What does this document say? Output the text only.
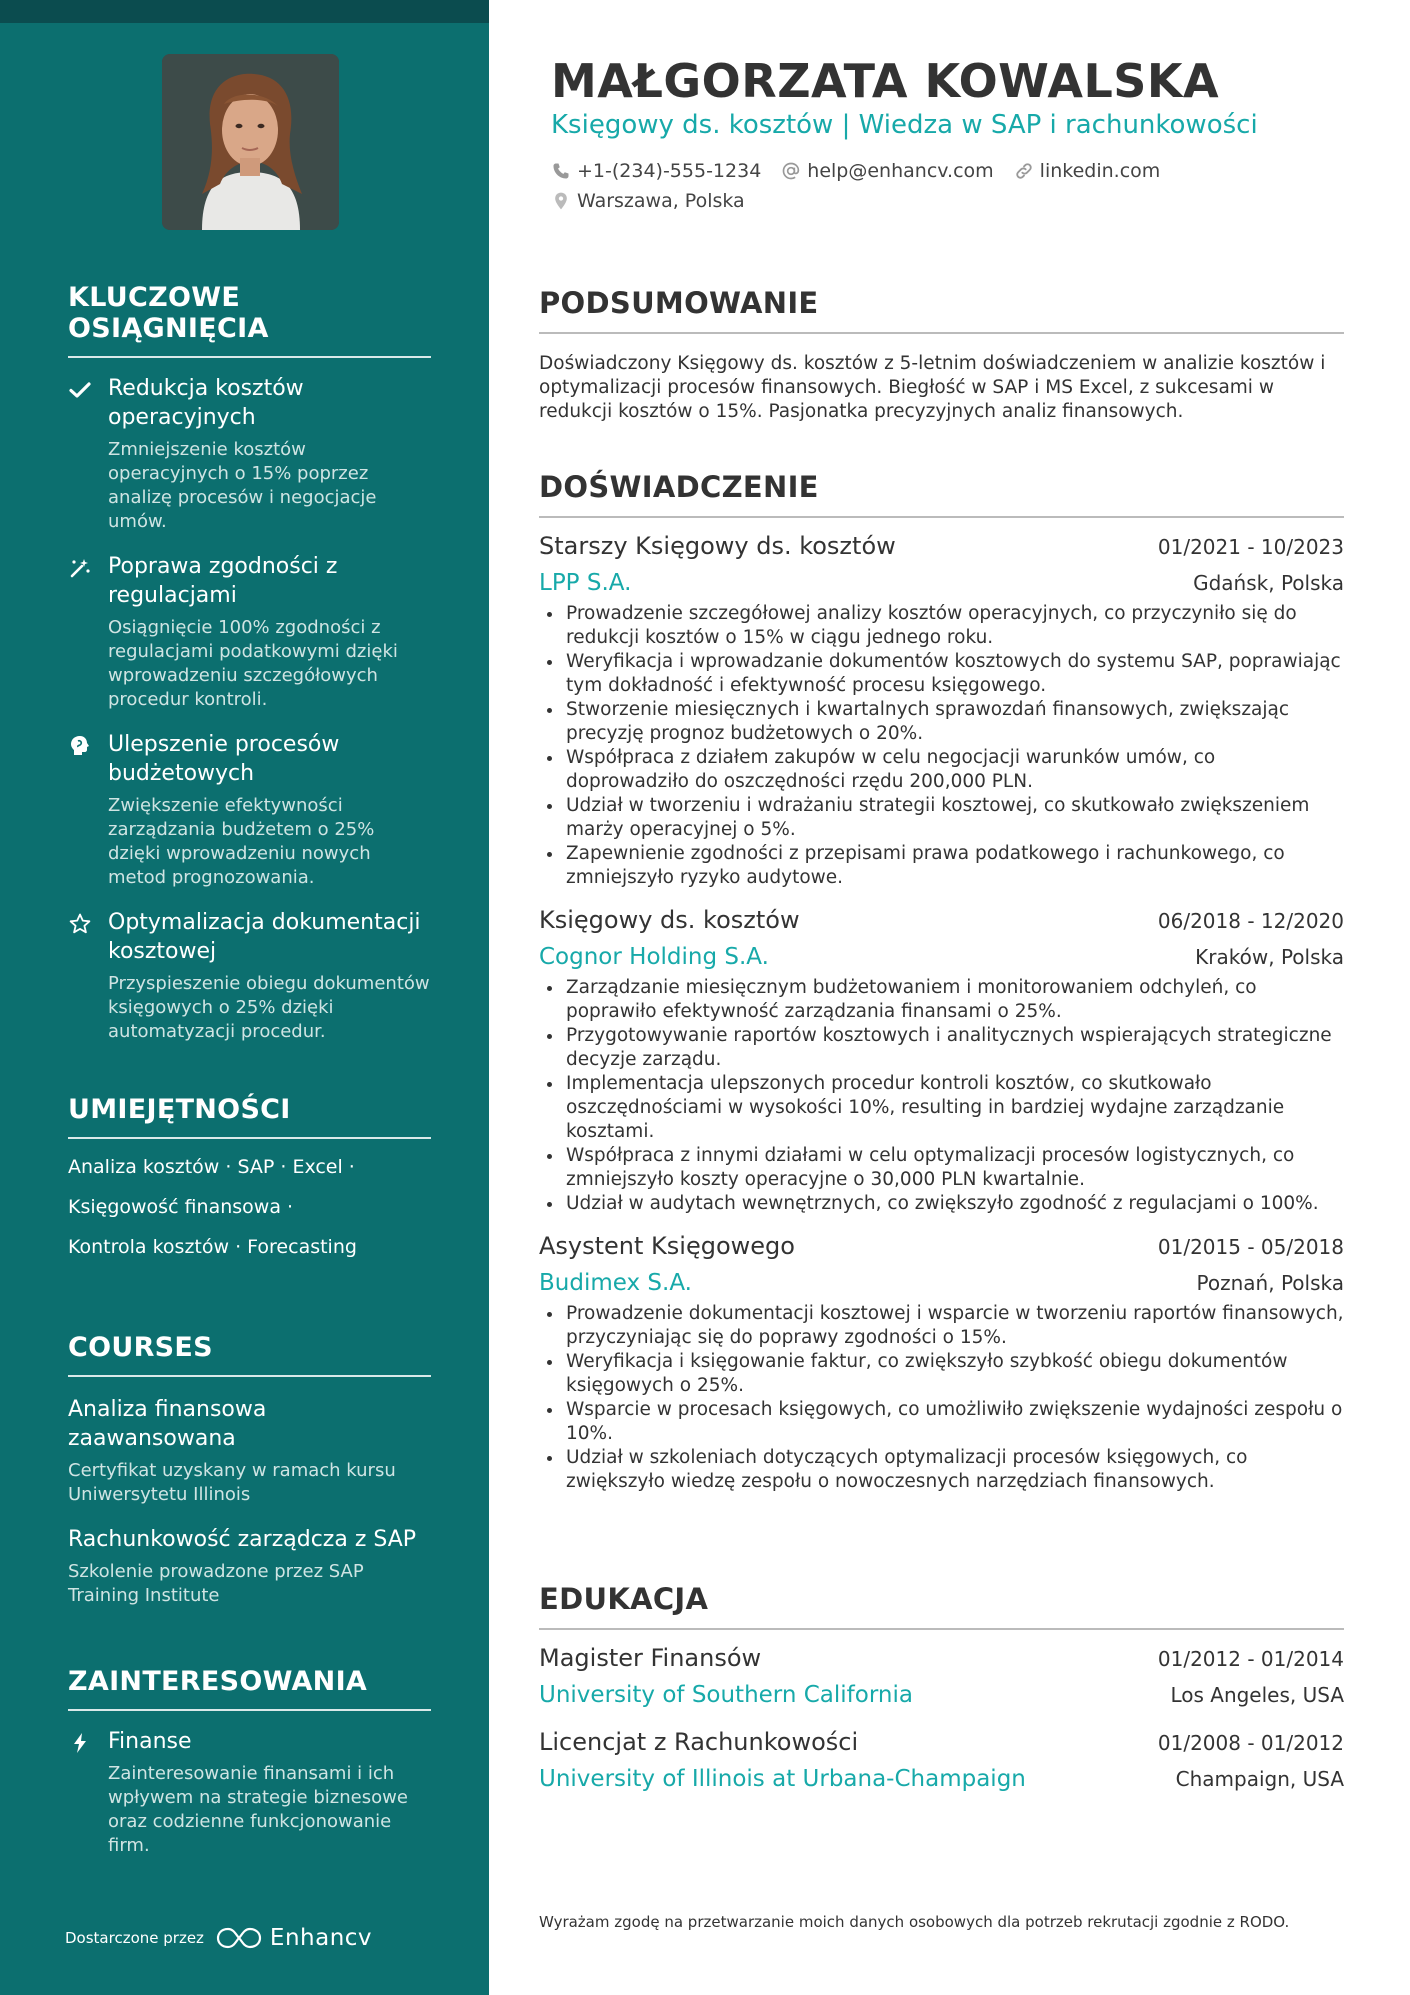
KLUCZOWE OSIĄGNIĘCIA
Redukcja kosztów operacyjnych
Zmniejszenie kosztów operacyjnych o 15% poprzez analizę procesów i negocjacje umów.
Poprawa zgodności z regulacjami
Osiągnięcie 100% zgodności z regulacjami podatkowymi dzięki wprowadzeniu szczegółowych procedur kontroli.
Ulepszenie procesów budżetowych
Zwiększenie efektywności zarządzania budżetem o 25% dzięki wprowadzeniu nowych metod prognozowania.
Optymalizacja dokumentacji kosztowej
Przyspieszenie obiegu dokumentów księgowych o 25% dzięki automatyzacji procedur.
UMIEJĘTNOŚCI
Analiza kosztów · SAP · Excel ·
Księgowość finansowa ·
Kontrola kosztów · Forecasting
COURSES
Analiza finansowa zaawansowana
Certyfikat uzyskany w ramach kursu Uniwersytetu Illinois
Rachunkowość zarządcza z SAP
Szkolenie prowadzone przez SAP Training Institute
ZAINTERESOWANIA
Finanse
Zainteresowanie finansami i ich wpływem na strategie biznesowe oraz codzienne funkcjonowanie firm.
Dostarczone przez	Enhancv
MAŁGORZATA KOWALSKA
Księgowy ds. kosztów | Wiedza w SAP i rachunkowości
+1-(234)-555-1234 help@enhancv.com linkedin.com
Warszawa, Polska
PODSUMOWANIE

Doświadczony Księgowy ds. kosztów z 5-letnim doświadczeniem w analizie kosztów i optymalizacji procesów finansowych. Biegłość w SAP i MS Excel, z sukcesami w redukcji kosztów o 15%. Pasjonatka precyzyjnych analiz finansowych.

DOŚWIADCZENIE
Starszy Księgowy ds. kosztów	01/2021 - 10/2023
LPP S.A.	Gdańsk, Polska
Prowadzenie szczegółowej analizy kosztów operacyjnych, co przyczyniło się do redukcji kosztów o 15% w ciągu jednego roku.
Weryfikacja i wprowadzanie dokumentów kosztowych do systemu SAP, poprawiając tym dokładność i efektywność procesu księgowego.
Stworzenie miesięcznych i kwartalnych sprawozdań finansowych, zwiększając precyzję prognoz budżetowych o 20%.
Współpraca z działem zakupów w celu negocjacji warunków umów, co doprowadziło do oszczędności rzędu 200,000 PLN.
Udział w tworzeniu i wdrażaniu strategii kosztowej, co skutkowało zwiększeniem marży operacyjnej o 5%.
Zapewnienie zgodności z przepisami prawa podatkowego i rachunkowego, co zmniejszyło ryzyko audytowe.
Księgowy ds. kosztów	06/2018 - 12/2020
Cognor Holding S.A.	Kraków, Polska
Zarządzanie miesięcznym budżetowaniem i monitorowaniem odchyleń, co poprawiło efektywność zarządzania finansami o 25%.
Przygotowywanie raportów kosztowych i analitycznych wspierających strategiczne decyzje zarządu.
Implementacja ulepszonych procedur kontroli kosztów, co skutkowało oszczędnościami w wysokości 10%, resulting in bardziej wydajne zarządzanie kosztami.
Współpraca z innymi działami w celu optymalizacji procesów logistycznych, co zmniejszyło koszty operacyjne o 30,000 PLN kwartalnie.
Udział w audytach wewnętrznych, co zwiększyło zgodność z regulacjami o 100%.
Asystent Księgowego	01/2015 - 05/2018
Budimex S.A.	Poznań, Polska
Prowadzenie dokumentacji kosztowej i wsparcie w tworzeniu raportów finansowych, przyczyniając się do poprawy zgodności o 15%.
Weryfikacja i księgowanie faktur, co zwiększyło szybkość obiegu dokumentów księgowych o 25%.
Wsparcie w procesach księgowych, co umożliwiło zwiększenie wydajności zespołu o 10%.
Udział w szkoleniach dotyczących optymalizacji procesów księgowych, co zwiększyło wiedzę zespołu o nowoczesnych narzędziach finansowych.
EDUKACJA
Magister Finansów	01/2012 - 01/2014
University of Southern California	Los Angeles, USA
Licencjat z Rachunkowości	01/2008 - 01/2012
University of Illinois at Urbana-Champaign	Champaign, USA

Wyrażam zgodę na przetwarzanie moich danych osobowych dla potrzeb rekrutacji zgodnie z RODO.
